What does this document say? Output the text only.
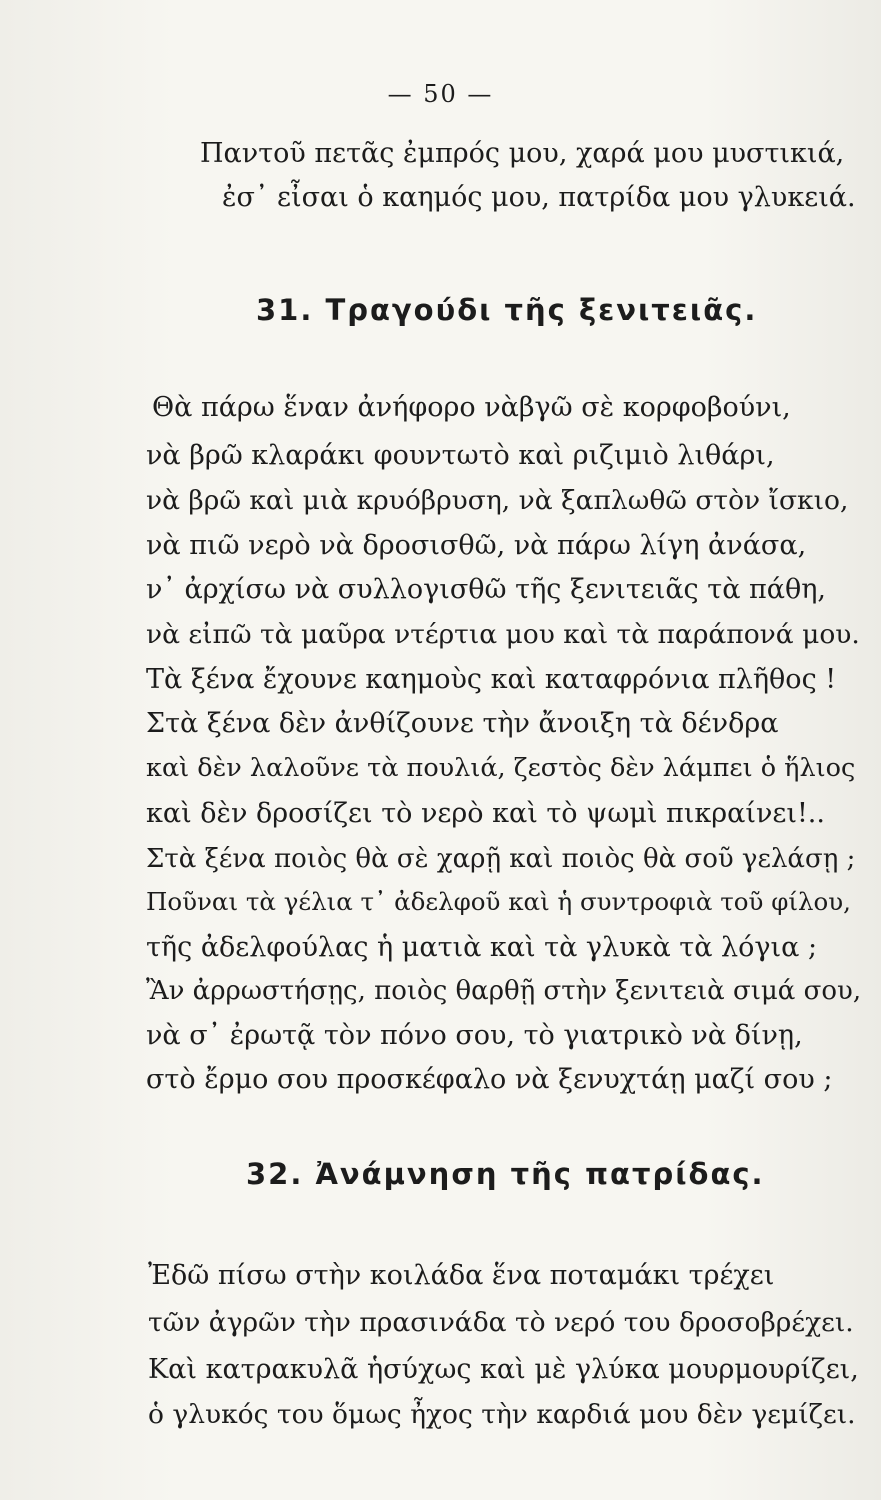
— 50 —
Παντοῦ πετᾶς ἐμπρός μου, χαρά μου μυστικιά,
ἐσ᾽ εἶσαι ὁ καημός μου, πατρίδα μου γλυκειά.
31. Τραγούδι τῆς ξενιτειᾶς.
Θὰ πάρω ἕναν ἀνήφορο νὰβγῶ σὲ κορφοβούνι,
νὰ βρῶ κλαράκι φουντωτὸ καὶ ριζιμιὸ λιθάρι,
νὰ βρῶ καὶ μιὰ κρυόβρυση, νὰ ξαπλωθῶ στὸν ἴσκιο,
νὰ πιῶ νερὸ νὰ δροσισθῶ, νὰ πάρω λίγη ἀνάσα,
ν᾽ ἀρχίσω νὰ συλλογισθῶ τῆς ξενιτειᾶς τὰ πάθη,
νὰ εἰπῶ τὰ μαῦρα ντέρτια μου καὶ τὰ παράπονά μου.
Τὰ ξένα ἔχουνε καημοὺς καὶ καταφρόνια πλῆθος !
Στὰ ξένα δὲν ἀνθίζουνε τὴν ἄνοιξη τὰ δένδρα
καὶ δὲν λαλοῦνε τὰ πουλιά, ζεστὸς δὲν λάμπει ὁ ἥλιος
καὶ δὲν δροσίζει τὸ νερὸ καὶ τὸ ψωμὶ πικραίνει!..
Στὰ ξένα ποιὸς θὰ σὲ χαρῇ καὶ ποιὸς θὰ σοῦ γελάσῃ ;
Ποῦναι τὰ γέλια τ᾽ ἀδελφοῦ καὶ ἡ συντροφιὰ τοῦ φίλου,
τῆς ἀδελφούλας ἡ ματιὰ καὶ τὰ γλυκὰ τὰ λόγια ;
Ἂν ἀρρωστήσῃς, ποιὸς θαρθῇ στὴν ξενιτειὰ σιμά σου,
νὰ σ᾽ ἐρωτᾷ τὸν πόνο σου, τὸ γιατρικὸ νὰ δίνῃ,
στὸ ἔρμο σου προσκέφαλο νὰ ξενυχτάῃ μαζί σου ;
32. Ἀνάμνηση τῆς πατρίδας.
Ἐδῶ πίσω στὴν κοιλάδα ἕνα ποταμάκι τρέχει
τῶν ἀγρῶν τὴν πρασινάδα τὸ νερό του δροσοβρέχει.
Καὶ κατρακυλᾶ ἡσύχως καὶ μὲ γλύκα μουρμουρίζει,
ὁ γλυκός του ὅμως ἦχος τὴν καρδιά μου δὲν γεμίζει.
